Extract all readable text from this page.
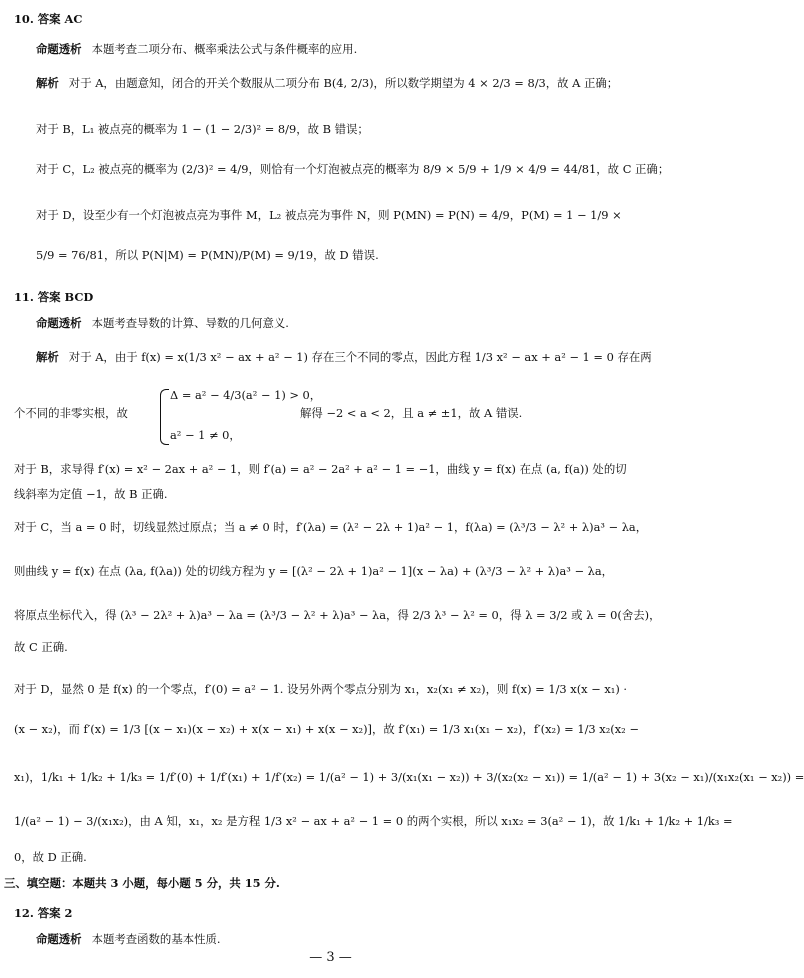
10. 答案 AC
命题透析 本题考查二项分布、概率乘法公式与条件概率的应用.
解析 对于 A，由题意知，闭合的开关个数服从二项分布 B(4, 2/3)，所以数学期望为 4 × 2/3 = 8/3，故 A 正确；
对于 B，L₁ 被点亮的概率为 1 − (1 − 2/3)² = 8/9，故 B 错误；
对于 C，L₂ 被点亮的概率为 (2/3)² = 4/9，则恰有一个灯泡被点亮的概率为 8/9 × 5/9 + 1/9 × 4/9 = 44/81，故 C 正确；
对于 D，设至少有一个灯泡被点亮为事件 M，L₂ 被点亮为事件 N，则 P(MN) = P(N) = 4/9，P(M) = 1 − 1/9 ×
5/9 = 76/81，所以 P(N|M) = P(MN)/P(M) = 9/19，故 D 错误.
11. 答案 BCD
命题透析 本题考查导数的计算、导数的几何意义.
解析 对于 A，由于 f(x) = x(1/3 x² − ax + a² − 1) 存在三个不同的零点，因此方程 1/3 x² − ax + a² − 1 = 0 存在两
个不同的非零实根，故
Δ = a² − 4/3(a² − 1) > 0，
解得 −2 < a < 2，且 a ≠ ±1，故 A 错误.
a² − 1 ≠ 0，
对于 B，求导得 f′(x) = x² − 2ax + a² − 1，则 f′(a) = a² − 2a² + a² − 1 = −1，曲线 y = f(x) 在点 (a, f(a)) 处的切
线斜率为定值 −1，故 B 正确.
对于 C，当 a = 0 时，切线显然过原点；当 a ≠ 0 时，f′(λa) = (λ² − 2λ + 1)a² − 1，f(λa) = (λ³/3 − λ² + λ)a³ − λa，
则曲线 y = f(x) 在点 (λa, f(λa)) 处的切线方程为 y = [(λ² − 2λ + 1)a² − 1](x − λa) + (λ³/3 − λ² + λ)a³ − λa，
将原点坐标代入，得 (λ³ − 2λ² + λ)a³ − λa = (λ³/3 − λ² + λ)a³ − λa，得 2/3 λ³ − λ² = 0，得 λ = 3/2 或 λ = 0(舍去)，
故 C 正确.
对于 D，显然 0 是 f(x) 的一个零点，f′(0) = a² − 1. 设另外两个零点分别为 x₁，x₂(x₁ ≠ x₂)，则 f(x) = 1/3 x(x − x₁) ·
(x − x₂)，而 f′(x) = 1/3 [(x − x₁)(x − x₂) + x(x − x₁) + x(x − x₂)]，故 f′(x₁) = 1/3 x₁(x₁ − x₂)，f′(x₂) = 1/3 x₂(x₂ −
x₁)，1/k₁ + 1/k₂ + 1/k₃ = 1/f′(0) + 1/f′(x₁) + 1/f′(x₂) = 1/(a² − 1) + 3/(x₁(x₁ − x₂)) + 3/(x₂(x₂ − x₁)) = 1/(a² − 1) + 3(x₂ − x₁)/(x₁x₂(x₁ − x₂)) =
1/(a² − 1) − 3/(x₁x₂)，由 A 知，x₁，x₂ 是方程 1/3 x² − ax + a² − 1 = 0 的两个实根，所以 x₁x₂ = 3(a² − 1)，故 1/k₁ + 1/k₂ + 1/k₃ =
0，故 D 正确.
三、填空题：本题共 3 小题，每小题 5 分，共 15 分.
12. 答案 2
命题透析 本题考查函数的基本性质.
— 3 —
